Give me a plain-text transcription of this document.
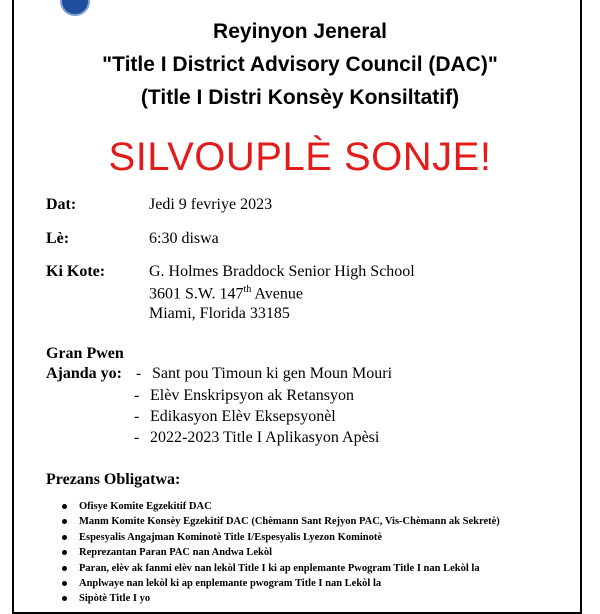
Reyinyon Jeneral
"Title I District Advisory Council (DAC)"
(Title I Distri Konsèy Konsiltatif)
SILVOUPLÈ SONJE!
Dat:	Jedi 9 fevriye 2023
Lè:	6:30 diswa
Ki Kote:	G. Holmes Braddock Senior High School
3601 S.W. 147th Avenue
Miami, Florida 33185
Gran Pwen
Ajanda yo: - Sant pou Timoun ki gen Moun Mouri
- Elèv Enskripsyon ak Retansyon
- Edikasyon Elèv Eksepsyonèl
- 2022-2023 Title I Aplikasyon Apèsi
Prezans Obligatwa:
Ofisye Komite Egzekitif DAC
Manm Komite Konsèy Egzekitif DAC (Chèmann Sant Rejyon PAC, Vis-Chèmann ak Sekretè)
Espesyalis Angajman Kominotè Title I/Espesyalis Lyezon Kominotè
Reprezantan Paran PAC nan Andwa Lekòl
Paran, elèv ak fanmi elèv nan lekòl Title I ki ap enplemante Pwogram Title I nan Lekòl la
Anplwaye nan lekòl ki ap enplemante pwogram Title I nan Lekòl la
Sipòtè Title I yo
